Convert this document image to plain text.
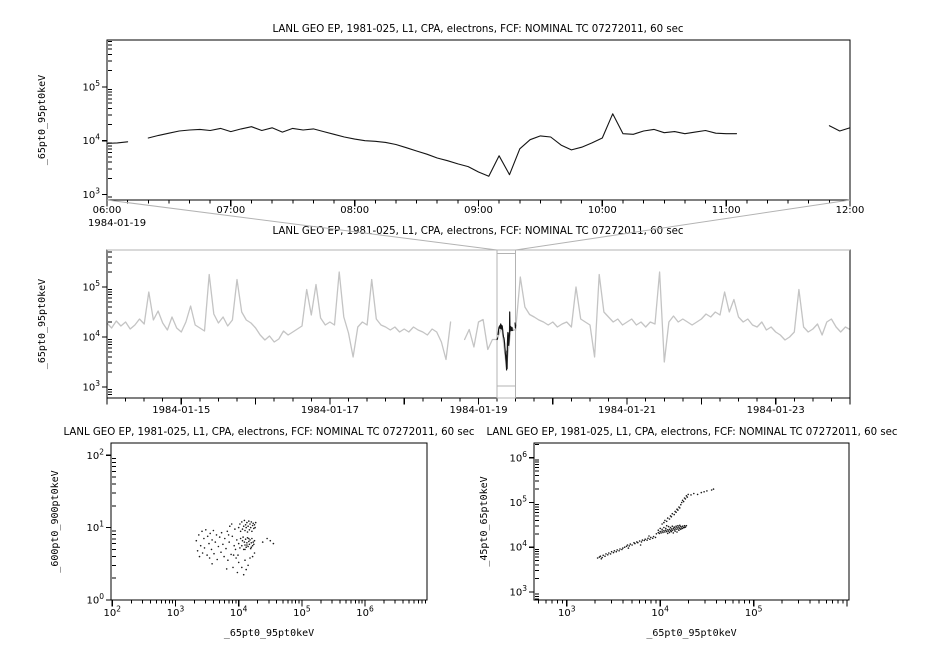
LANL GEO EP, 1981-025, L1, CPA, electrons, FCF: NOMINAL TC 07272011, 60 sec
LANL GEO EP, 1981-025, L1, CPA, electrons, FCF: NOMINAL TC 07272011, 60 sec
LANL GEO EP, 1981-025, L1, CPA, electrons, FCF: NOMINAL TC 07272011, 60 sec LANL GEO EP, 1981-025, L1, CPA, electrons, FCF: NOMINAL TC 07272011, 60 sec
$10^3$
$10^4$
$10^5$
_65pt0_95pt0keV
06:00	07:00	08:00	09:00	10:00	11:00	12:00
1984-01-19
$10^3$
$10^4$
$10^5$
_65pt0_95pt0keV
1984-01-15	1984-01-17	1984-01-19	1984-01-21	1984-01-23
$10^0$
$10^1$
$10^2$
_600pt0_900pt0keV
$10^2$	$10^3$	$10^4$	$10^5$	$10^6$
_65pt0_95pt0keV
$10^3$
$10^4$
$10^5$
$10^6$
_45pt0_65pt0keV
$10^3$	$10^4$	$10^5$
_65pt0_95pt0keV
